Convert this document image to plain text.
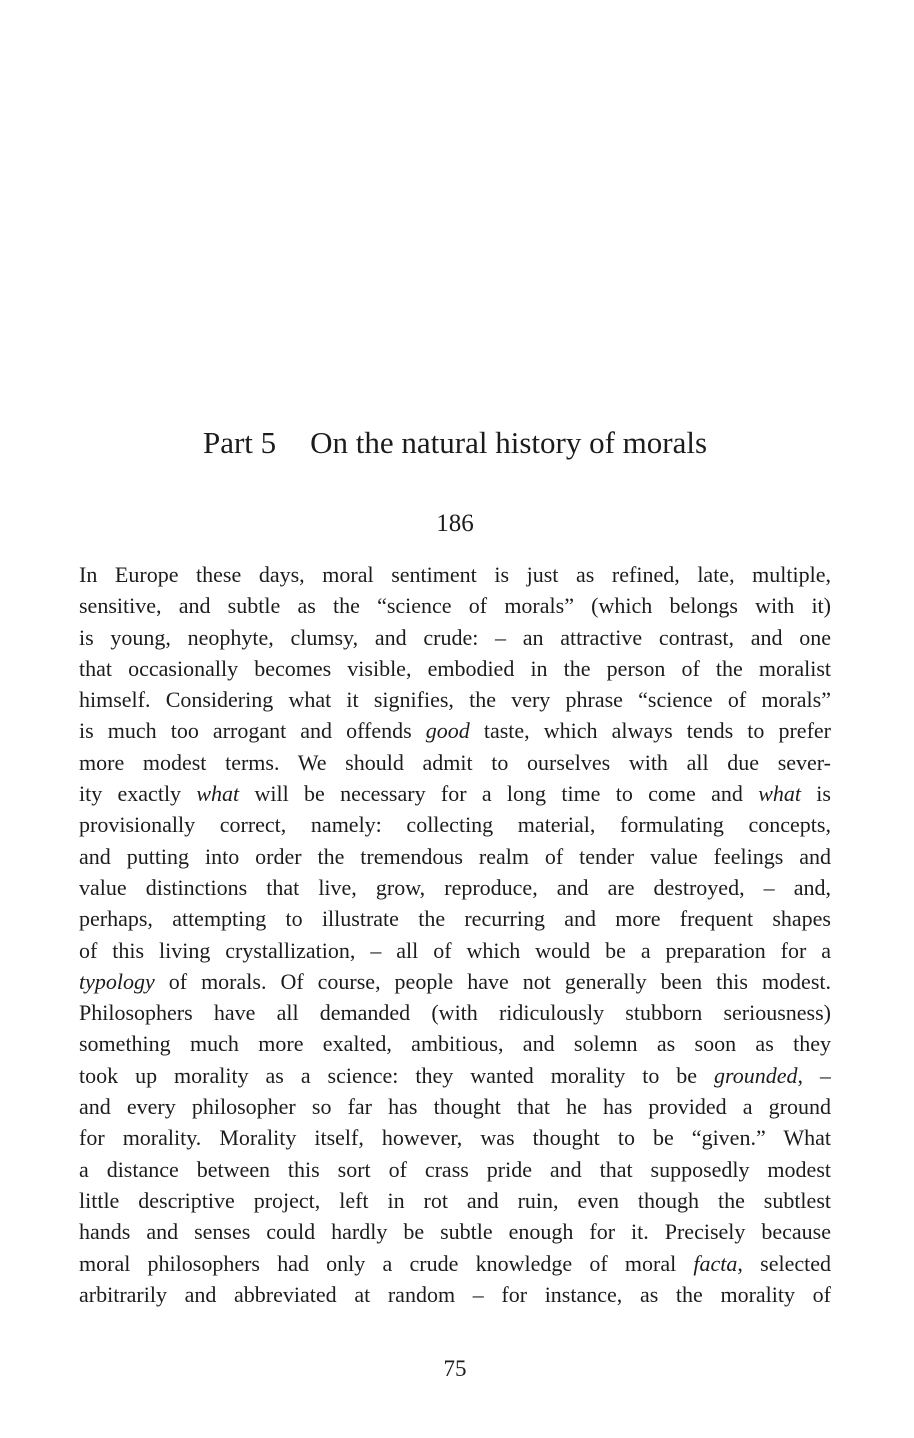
Part 5 On the natural history of morals
186
In Europe these days, moral sentiment is just as refined, late, multiple,
sensitive, and subtle as the “science of morals” (which belongs with it)
is young, neophyte, clumsy, and crude: – an attractive contrast, and one
that occasionally becomes visible, embodied in the person of the moralist
himself. Considering what it signifies, the very phrase “science of morals”
is much too arrogant and offends good taste, which always tends to prefer
more modest terms. We should admit to ourselves with all due sever-
ity exactly what will be necessary for a long time to come and what is
provisionally correct, namely: collecting material, formulating concepts,
and putting into order the tremendous realm of tender value feelings and
value distinctions that live, grow, reproduce, and are destroyed, – and,
perhaps, attempting to illustrate the recurring and more frequent shapes
of this living crystallization, – all of which would be a preparation for a
typology of morals. Of course, people have not generally been this modest.
Philosophers have all demanded (with ridiculously stubborn seriousness)
something much more exalted, ambitious, and solemn as soon as they
took up morality as a science: they wanted morality to be grounded, –
and every philosopher so far has thought that he has provided a ground
for morality. Morality itself, however, was thought to be “given.” What
a distance between this sort of crass pride and that supposedly modest
little descriptive project, left in rot and ruin, even though the subtlest
hands and senses could hardly be subtle enough for it. Precisely because
moral philosophers had only a crude knowledge of moral facta, selected
arbitrarily and abbreviated at random – for instance, as the morality of
75
